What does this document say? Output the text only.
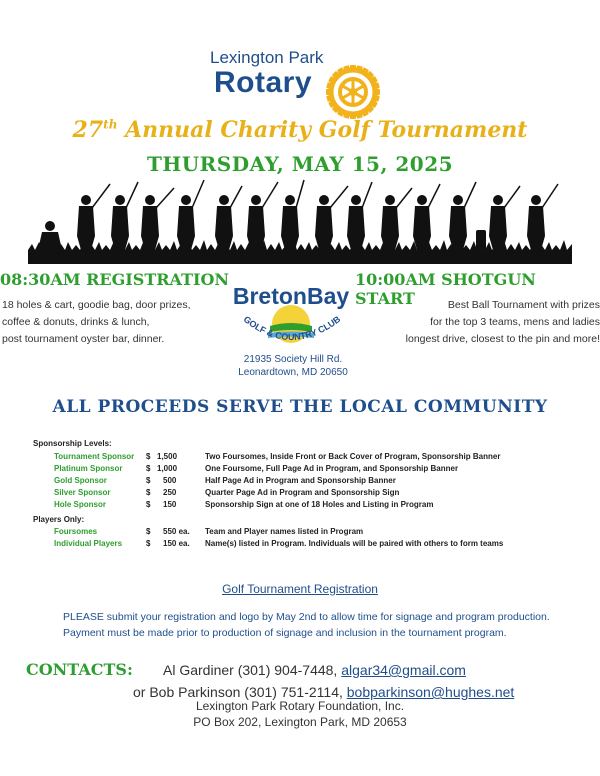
Lexington Park
Rotary
27th Annual Charity Golf Tournament
THURSDAY, MAY 15, 2025
08:30AM REGISTRATION	10:00AM SHOTGUN START
18 holes & cart, goodie bag, door prizes,
coffee & donuts, drinks & lunch,
post tournament oyster bar, dinner.
Best Ball Tournament with prizes
for the top 3 teams, mens and ladies
longest drive, closest to the pin and more!
BretonBay
GOLF & COUNTRY CLUB
21935 Society Hill Rd.
Leonardtown, MD 20650
ALL PROCEEDS SERVE THE LOCAL COMMUNITY
Sponsorship Levels:
Tournament Sponsor $ 1,500	Two Foursomes, Inside Front or Back Cover of Program, Sponsorship Banner
Platinum Sponsor	$ 1,000	One Foursome, Full Page Ad in Program, and Sponsorship Banner
Gold Sponsor	$ 500	Half Page Ad in Program and Sponsorship Banner
Silver Sponsor	$ 250	Quarter Page Ad in Program and Sponsorship Sign
Hole Sponsor	$ 150	Sponsorship Sign at one of 18 Holes and Listing in Program
Players Only:
Foursomes	$ 550 ea. Team and Player names listed in Program
Individual Players	$ 150 ea. Name(s) listed in Program. Individuals will be paired with others to form teams
Golf Tournament Registration
PLEASE submit your registration and logo by May 2nd to allow time for signage and program production.
Payment must be made prior to production of signage and inclusion in the tournament program.
CONTACTS: Al Gardiner (301) 904-7448, algar34@gmail.com
or Bob Parkinson (301) 751-2114, bobparkinson@hughes.net
Lexington Park Rotary Foundation, Inc.
PO Box 202, Lexington Park, MD 20653
